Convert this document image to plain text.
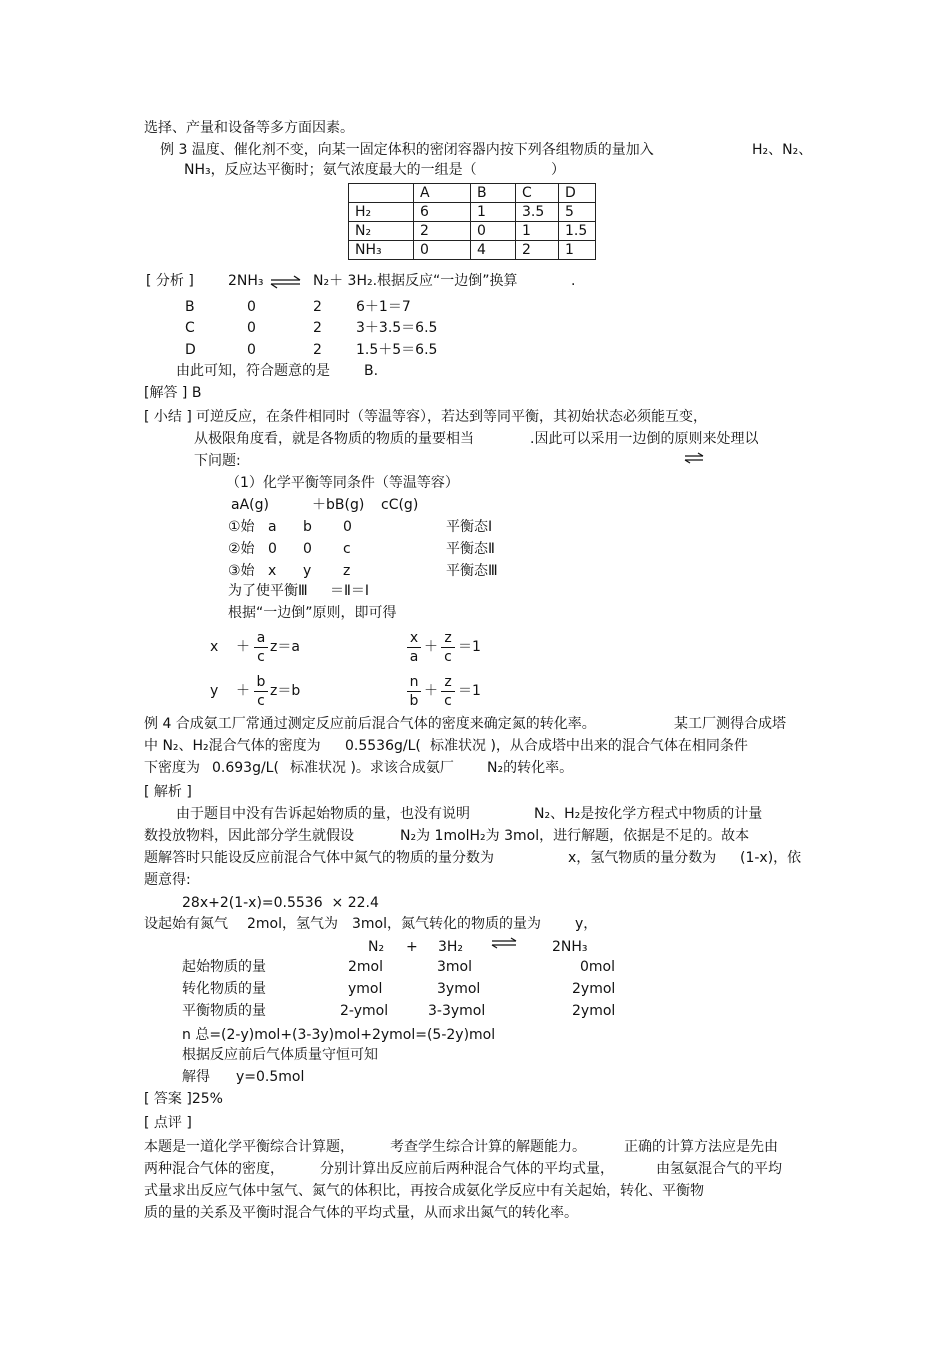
选择、产量和设备等多方面因素。
例 3 温度、催化剂不变，向某一固定体积的密闭容器内按下列各组物质的量加入	H₂、N₂、
NH₃，反应达平衡时；氨气浓度最大的一组是（	）
	A	B	C	D
H₂	6	1	3.5	5
N₂	2	0	1	1.5
NH₃	0	4	2	1
[ 分析 ] 2NH₃ ⇌ N₂＋ 3H₂.根据反应“一边倒”换算	.
B	0	2 6＋1＝7
C	0	2 3＋3.5＝6.5
D	0	2 1.5＋5＝6.5
由此可知，符合题意的是 B.
[解答 ] B
[ 小结 ] 可逆反应，在条件相同时（等温等容），若达到等同平衡，其初始状态必须能互变，
从极限角度看，就是各物质的物质的量要相当	.因此可以采用一边倒的原则来处理以
下问题:
（1）化学平衡等同条件（等温等容）
aA(g)	＋bB(g) cC(g)
①始 a b 0	平衡态Ⅰ
②始 0 0 c	平衡态Ⅱ
③始 x y z	平衡态Ⅲ
为了使平衡Ⅲ ＝Ⅱ＝Ⅰ
根据“一边倒”原则，即可得
x ＋
a
c
z＝a
x
a
＋
z
c
＝1
y ＋
b
c
z＝b
n
b
＋
z
c
＝1
例 4 合成氨工厂常通过测定反应前后混合气体的密度来确定氮的转化率。	某工厂测得合成塔
中 N₂、H₂混合气体的密度为 0.5536g/L( 标准状况 )，从合成塔中出来的混合气体在相同条件
下密度为 0.693g/L( 标准状况 )。求该合成氨厂 N₂的转化率。
[ 解析 ]
由于题目中没有告诉起始物质的量，也没有说明	N₂、H₂是按化学方程式中物质的计量
数投放物料，因此部分学生就假设	N₂为 1molH₂为 3mol，进行解题，依据是不足的。故本
题解答时只能设反应前混合气体中氮气的物质的量分数为	x，氢气物质的量分数为 (1-x)，依
题意得:
28x+2(1-x)=0.5536  × 22.4
设起始有氮气 2mol，氢气为 3mol，氮气转化的物质的量为 y，
N₂ + 3H₂	2NH₃
起始物质的量	2mol	3mol	0mol
转化物质的量	ymol	3ymol	2ymol
平衡物质的量	2-ymol	3-3ymol	2ymol
n 总=(2-y)mol+(3-3y)mol+2ymol=(5-2y)mol
根据反应前后气体质量守恒可知
解得 y=0.5mol
[ 答案 ]25%
[ 点评 ]
本题是一道化学平衡综合计算题，	考查学生综合计算的解题能力。	正确的计算方法应是先由
两种混合气体的密度，	分别计算出反应前后两种混合气体的平均式量，	由氢氨混合气的平均
式量求出反应气体中氢气、氮气的体积比，再按合成氨化学反应中有关起始，转化、平衡物
质的量的关系及平衡时混合气体的平均式量，从而求出氮气的转化率。
